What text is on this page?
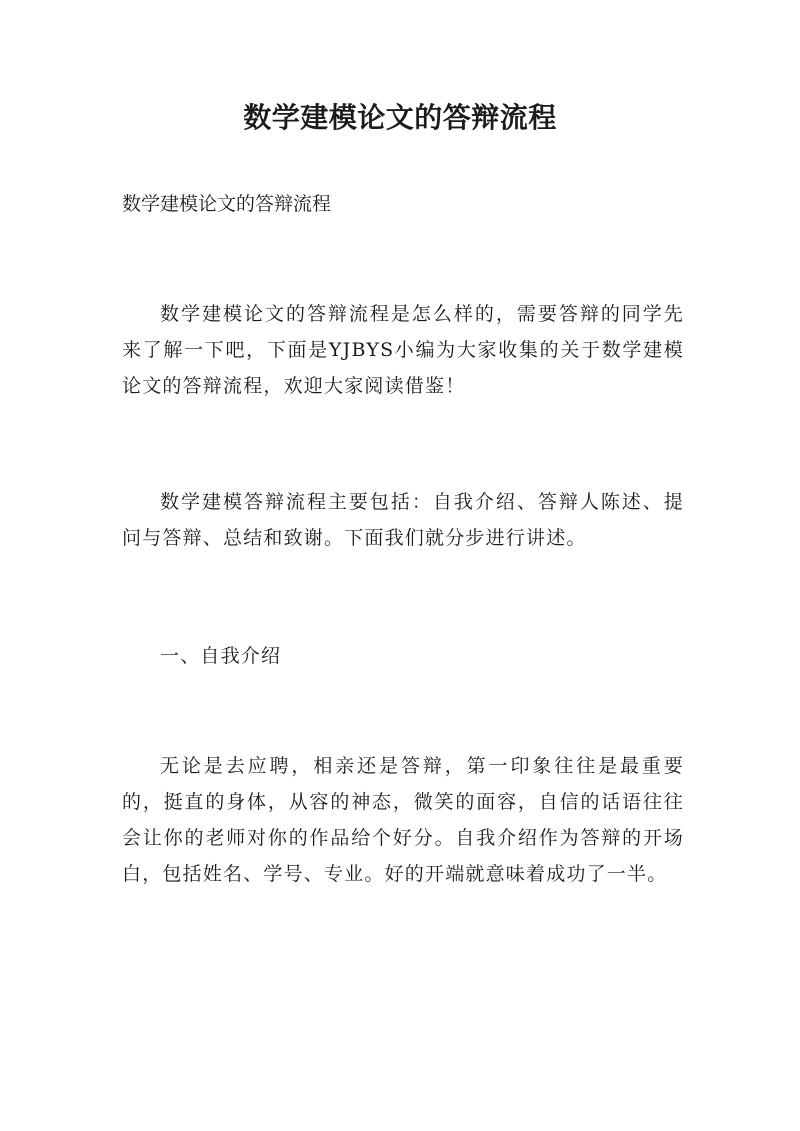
数学建模论文的答辩流程

数学建模论文的答辩流程

数学建模论文的答辩流程是怎么样的，需要答辩的同学先来了解一下吧，下面是YJBYS小编为大家收集的关于数学建模论文的答辩流程，欢迎大家阅读借鉴！

数学建模答辩流程主要包括：自我介绍、答辩人陈述、提问与答辩、总结和致谢。下面我们就分步进行讲述。

一、自我介绍

无论是去应聘，相亲还是答辩，第一印象往往是最重要的，挺直的身体，从容的神态，微笑的面容，自信的话语往往会让你的老师对你的作品给个好分。自我介绍作为答辩的开场白，包括姓名、学号、专业。好的开端就意味着成功了一半。
